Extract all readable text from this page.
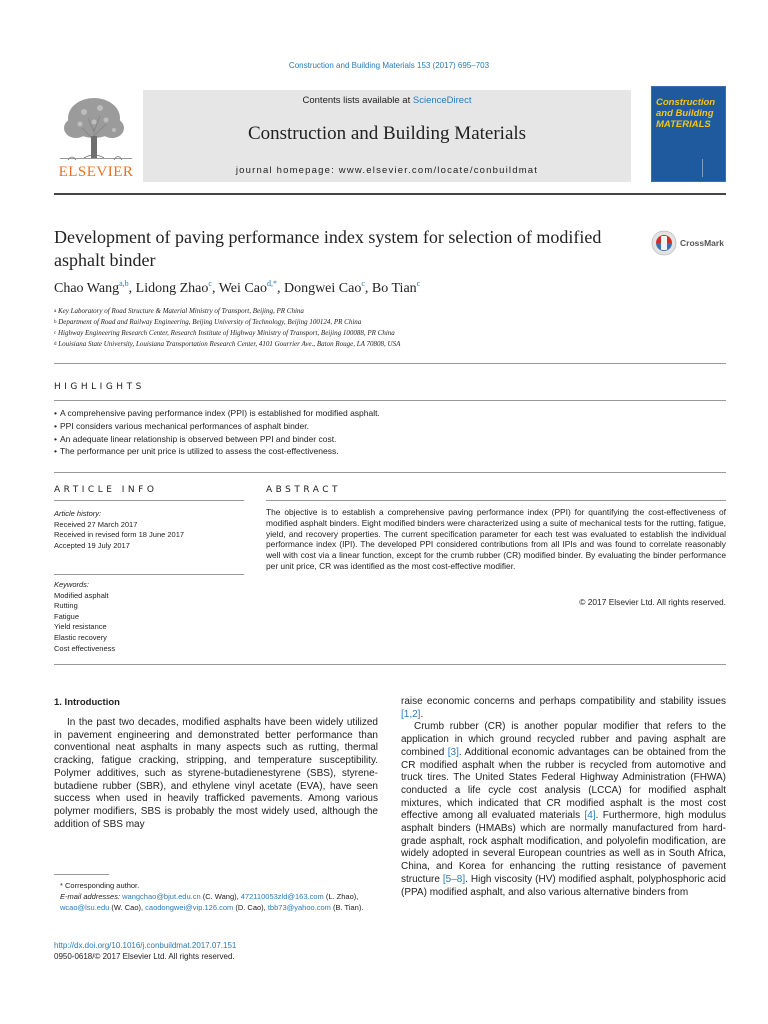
Construction and Building Materials 153 (2017) 695–703
ELSEVIER
Contents lists available at ScienceDirect
Construction and Building Materials
journal homepage: www.elsevier.com/locate/conbuildmat
Construction and Building MATERIALS
Development of paving performance index system for selection of modified asphalt binder
CrossMark
Chao Wang$^{a,b}$, Lidong Zhao$^c$, Wei Cao$^{d,*}$, Dongwei Cao$^c$, Bo Tian$^c$
$^a$ Key Laboratory of Road Structure & Material Ministry of Transport, Beijing, PR China
$^b$ Department of Road and Railway Engineering, Beijing University of Technology, Beijing 100124, PR China
$^c$ Highway Engineering Research Center, Research Institute of Highway Ministry of Transport, Beijing 100088, PR China
$^d$ Louisiana State University, Louisiana Transportation Research Center, 4101 Gourrier Ave., Baton Rouge, LA 70808, USA
HIGHLIGHTS
• A comprehensive paving performance index (PPI) is established for modified asphalt.
• PPI considers various mechanical performances of asphalt binder.
• An adequate linear relationship is observed between PPI and binder cost.
• The performance per unit price is utilized to assess the cost-effectiveness.
ARTICLE INFO	ABSTRACT
Article history:
Received 27 March 2017
Received in revised form 18 June 2017
Accepted 19 July 2017
Keywords:
Modified asphalt
Rutting
Fatigue
Yield resistance
Elastic recovery
Cost effectiveness

The objective is to establish a comprehensive paving performance index (PPI) for quantifying the cost-effectiveness of modified asphalt binders. Eight modified binders were characterized using a suite of mechanical tests for the rutting, fatigue, yield, and recovery properties. The current specification parameter for each test was evaluated to establish the individual performance index (IPI). The developed PPI considered contributions from all IPIs and was found to correlate reasonably well with cost via a linear function, except for the crumb rubber (CR) modified binder. By evaluating the binder performance per unit price, CR was identified as the most cost-effective modifier.

© 2017 Elsevier Ltd. All rights reserved.
1. Introduction

In the past two decades, modified asphalts have been widely utilized in pavement engineering and demonstrated better performance than conventional neat asphalts in many aspects such as rutting, thermal cracking, fatigue cracking, stripping, and temperature susceptibility. Polymer additives, such as styrene-butadienestyrene (SBS), styrene-butadiene rubber (SBR), and ethylene vinyl acetate (EVA), have seen success when used in heavily trafficked pavements. Among various polymer modifiers, SBS is probably the most widely used, although the addition of SBS may

raise economic concerns and perhaps compatibility and stability issues [1,2].

Crumb rubber (CR) is another popular modifier that refers to the application in which ground recycled rubber and paving asphalt are combined [3]. Additional economic advantages can be obtained from the CR modified asphalt when the rubber is recycled from automotive and truck tires. The United States Federal Highway Administration (FHWA) conducted a life cycle cost analysis (LCCA) for modified asphalt mixtures, which indicated that CR modified asphalt is the most cost effective among all evaluated materials [4]. Furthermore, high modulus asphalt binders (HMABs) which are normally manufactured from hard-grade asphalt, rock asphalt modification, and polyolefin modification, are widely adopted in several European countries as well as in South Africa, China, and Korea for enhancing the rutting resistance of pavement structure [5–8]. High viscosity (HV) modified asphalt, polyphosphoric acid (PPA) modified asphalt, and also various alternative binders from

* Corresponding author.
E-mail addresses: wangchao@bjut.edu.cn (C. Wang), 472110053zld@163.com (L. Zhao), wcao@lsu.edu (W. Cao), caodongwei@vip.126.com (D. Cao), tbb73@yahoo.com (B. Tian).
http://dx.doi.org/10.1016/j.conbuildmat.2017.07.151
0950-0618/© 2017 Elsevier Ltd. All rights reserved.
